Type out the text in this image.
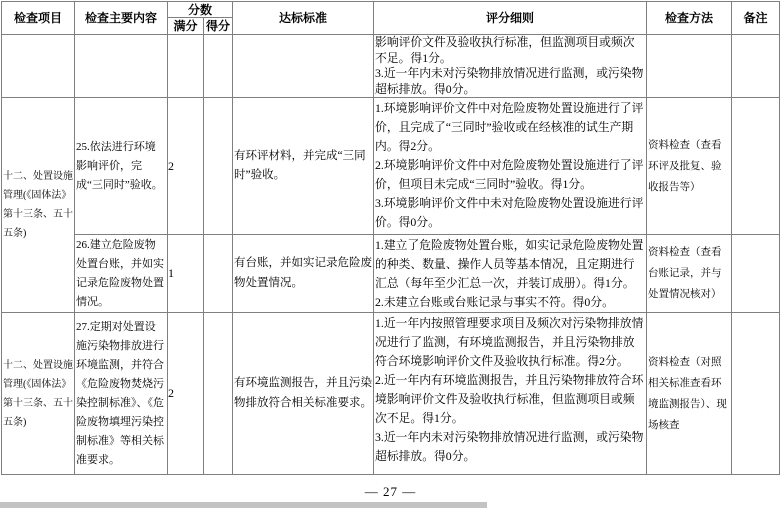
检查项目	检查主要内容	分数		达标标准	评分细则	检查方法	备注
		满分	得分				

					影响评价文件及验收执行标准，但监测项目或频次不足。得1分。
3.近一年内未对污染物排放情况进行监测，或污染物超标排放。得0分。		

十二、处置设施管理(《固体法》第十三条、五十五条)	25.依法进行环境影响评价，完成“三同时”验收。	2		有环评材料，并完成“三同时”验收。	1.环境影响评价文件中对危险废物处置设施进行了评价，且完成了“三同时”验收或在经核准的试生产期内。得2分。
2.环境影响评价文件中对危险废物处置设施进行了评价，但项目未完成“三同时”验收。得1分。
3.环境影响评价文件中未对危险废物处置设施进行评价。得0分。	资料检查（查看环评及批复、验收报告等）	
	26.建立危险废物处置台账，并如实记录危险废物处置情况。	1		有台账，并如实记录危险废物处置情况。	1.建立了危险废物处置台账，如实记录危险废物处置的种类、数量、操作人员等基本情况，且定期进行汇总（每年至少汇总一次，并装订成册）。得1分。
2.未建立台账或台账记录与事实不符。得0分。	资料检查（查看台账记录，并与处置情况核对）	
十二、处置设施管理(《固体法》第十三条、五十五条)	27.定期对处置设施污染物排放进行环境监测，并符合《危险废物焚烧污染控制标准》、《危险废物填埋污染控制标准》等相关标准要求。	2		有环境监测报告，并且污染物排放符合相关标准要求。	1.近一年内按照管理要求项目及频次对污染物排放情况进行了监测，有环境监测报告，并且污染物排放符合环境影响评价文件及验收执行标准。得2分。
2.近一年内有环境监测报告，并且污染物排放符合环境影响评价文件及验收执行标准，但监测项目或频次不足。得1分。
3.近一年内未对污染物排放情况进行监测，或污染物超标排放。得0分。	资料检查（对照相关标准查看环境监测报告）、现场核查	
— 27 —
